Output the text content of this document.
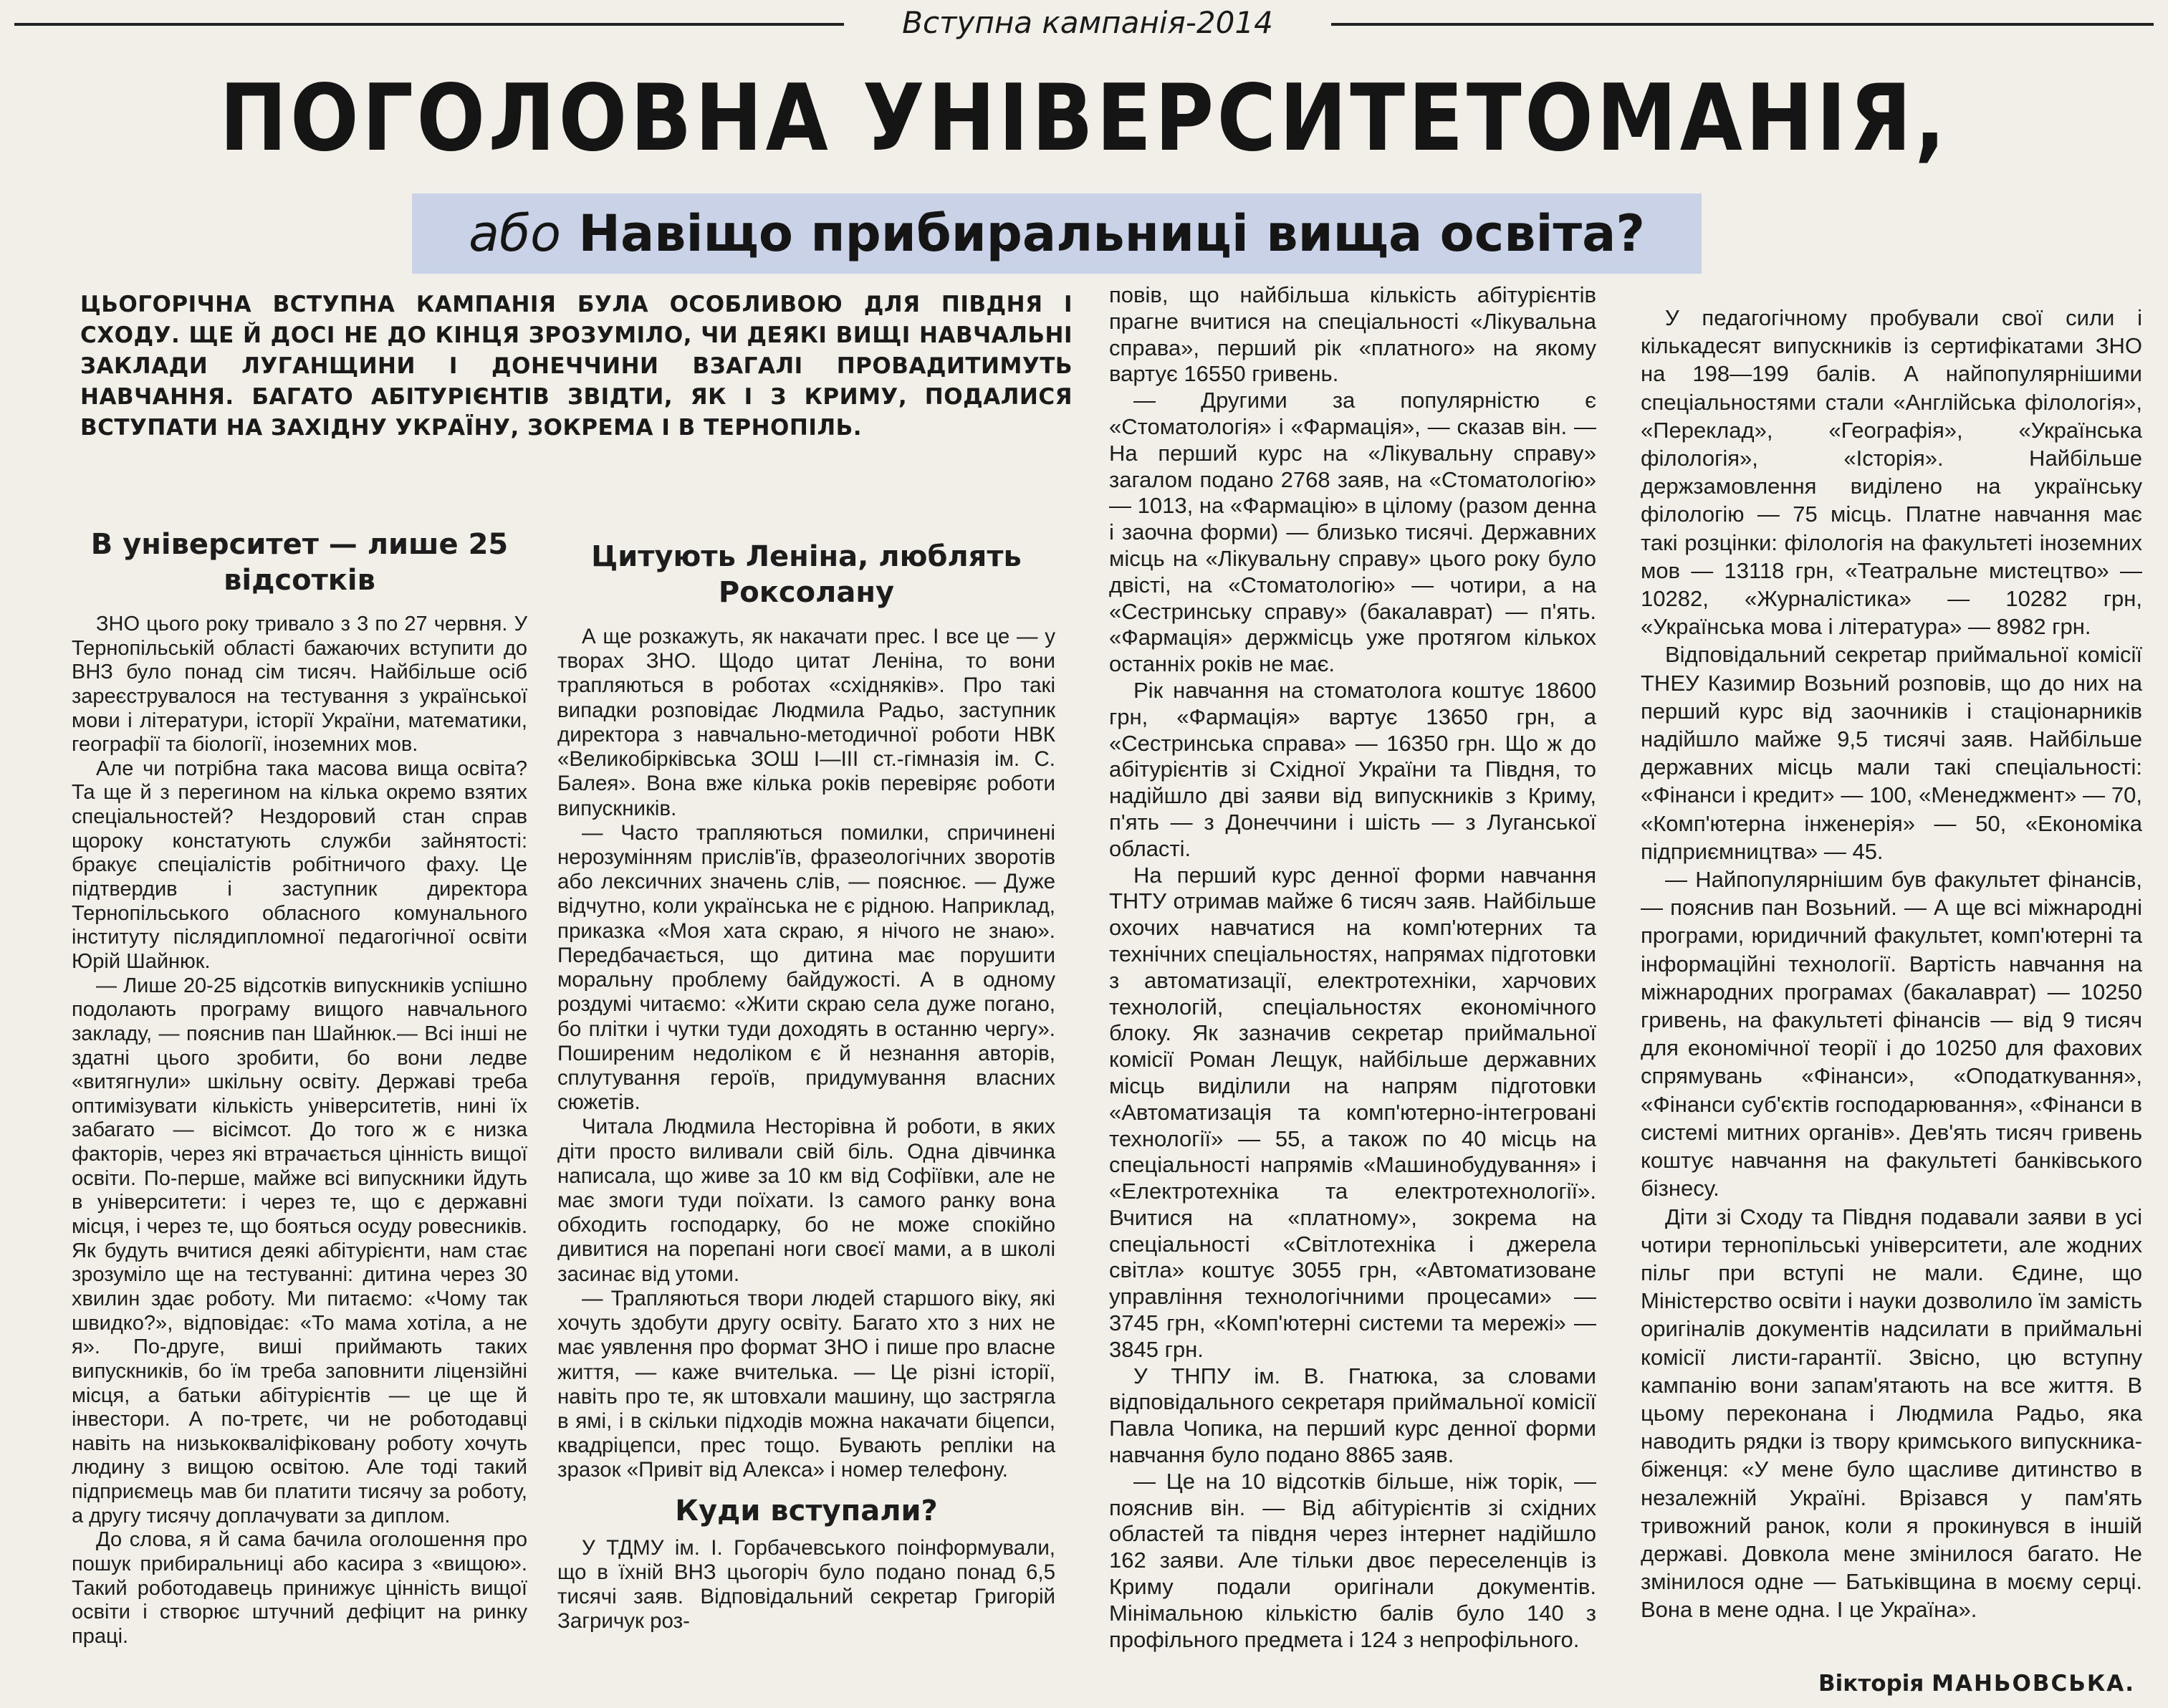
Вступна кампанія-2014
ПОГОЛОВНА УНІВЕРСИТЕТОМАНІЯ,
або Навіщо прибиральниці вища освіта?
ЦЬОГОРІЧНА ВСТУПНА КАМПАНІЯ БУЛА ОСОБЛИВОЮ ДЛЯ ПІВДНЯ І СХОДУ. ЩЕ Й ДОСІ НЕ ДО КІНЦЯ ЗРОЗУМІЛО, ЧИ ДЕЯКІ ВИЩІ НАВЧАЛЬНІ ЗАКЛАДИ ЛУГАНЩИНИ І ДОНЕЧЧИНИ ВЗАГАЛІ ПРОВАДИТИМУТЬ НАВЧАННЯ. БАГАТО АБІТУРІЄНТІВ ЗВІДТИ, ЯК І З КРИМУ, ПОДАЛИСЯ ВСТУПАТИ НА ЗАХІДНУ УКРАЇНУ, ЗОКРЕМА І В ТЕРНОПІЛЬ.
В університет — лише 25 відсотків

ЗНО цього року тривало з 3 по 27 червня. У Тернопільській області бажаючих вступити до ВНЗ було понад сім тисяч. Найбільше осіб зареєструвалося на тестування з української мови і літератури, історії України, математики, географії та біології, іноземних мов.

Але чи потрібна така масова вища освіта? Та ще й з перегином на кілька окремо взятих спеціальностей? Нездоровий стан справ щороку констатують служби зайнятості: бракує спеціалістів робітничого фаху. Це підтвердив і заступник директора Тернопільського обласного комунального інституту післядипломної педагогічної освіти Юрій Шайнюк.

— Лише 20-25 відсотків випускників успішно подолають програму вищого навчального закладу, — пояснив пан Шайнюк.— Всі інші не здатні цього зробити, бо вони ледве «витягнули» шкільну освіту. Державі треба оптимізувати кількість університетів, нині їх забагато — вісімсот. До того ж є низка факторів, через які втрачається цінність вищої освіти. По-перше, майже всі випускники йдуть в університети: і через те, що є державні місця, і через те, що бояться осуду ровесників. Як будуть вчитися деякі абітурієнти, нам стає зрозуміло ще на тестуванні: дитина через 30 хвилин здає роботу. Ми питаємо: «Чому так швидко?», відповідає: «То мама хотіла, а не я». По-друге, виші приймають таких випускників, бо їм треба заповнити ліцензійні місця, а батьки абітурієнтів — це ще й інвестори. А по-третє, чи не роботодавці навіть на низькокваліфіковану роботу хочуть людину з вищою освітою. Але тоді такий підприємець мав би платити тисячу за роботу, а другу тисячу доплачувати за диплом.

До слова, я й сама бачила оголошення про пошук прибиральниці або касира з «вищою». Такий роботодавець принижує цінність вищої освіти і створює штучний дефіцит на ринку праці.

Цитують Леніна, люблять Роксолану

А ще розкажуть, як накачати прес. І все це — у творах ЗНО. Щодо цитат Леніна, то вони трапляються в роботах «східняків». Про такі випадки розповідає Людмила Радьо, заступник директора з навчально-методичної роботи НВК «Великобірківська ЗОШ І—ІІІ ст.-гімназія ім. С. Балея». Вона вже кілька років перевіряє роботи випускників.

— Часто трапляються помилки, спричинені нерозумінням прислів'їв, фразеологічних зворотів або лексичних значень слів, — пояснює. — Дуже відчутно, коли українська не є рідною. Наприклад, приказка «Моя хата скраю, я нічого не знаю». Передбачається, що дитина має порушити моральну проблему байдужості. А в одному роздумі читаємо: «Жити скраю села дуже погано, бо плітки і чутки туди доходять в останню чергу». Поширеним недоліком є й незнання авторів, сплутування героїв, придумування власних сюжетів.

Читала Людмила Несторівна й роботи, в яких діти просто виливали свій біль. Одна дівчинка написала, що живе за 10 км від Софіївки, але не має змоги туди поїхати. Із самого ранку вона обходить господарку, бо не може спокійно дивитися на порепані ноги своєї мами, а в школі засинає від утоми.

— Трапляються твори людей старшого віку, які хочуть здобути другу освіту. Багато хто з них не має уявлення про формат ЗНО і пише про власне життя, — каже вчителька. — Це різні історії, навіть про те, як штовхали машину, що застрягла в ямі, і в скільки підходів можна накачати біцепси, квадріцепси, прес тощо. Бувають репліки на зразок «Привіт від Алекса» і номер телефону.

Куди вступали?

У ТДМУ ім. І. Горбачевського поінформували, що в їхній ВНЗ цьогоріч було подано понад 6,5 тисячі заяв. Відповідальний секретар Григорій Загричук роз-

повів, що найбільша кількість абітурієнтів прагне вчитися на спеціальності «Лікувальна справа», перший рік «платного» на якому вартує 16550 гривень.

— Другими за популярністю є «Стоматологія» і «Фармація», — сказав він. — На перший курс на «Лікувальну справу» загалом подано 2768 заяв, на «Стоматологію» — 1013, на «Фармацію» в цілому (разом денна і заочна форми) — близько тисячі. Державних місць на «Лікувальну справу» цього року було двісті, на «Стоматологію» — чотири, а на «Сестринську справу» (бакалаврат) — п'ять. «Фармація» держмісць уже протягом кількох останніх років не має.

Рік навчання на стоматолога коштує 18600 грн, «Фармація» вартує 13650 грн, а «Сестринська справа» — 16350 грн. Що ж до абітурієнтів зі Східної України та Півдня, то надійшло дві заяви від випускників з Криму, п'ять — з Донеччини і шість — з Луганської області.

На перший курс денної форми навчання ТНТУ отримав майже 6 тисяч заяв. Найбільше охочих навчатися на комп'ютерних та технічних спеціальностях, напрямах підготовки з автоматизації, електротехніки, харчових технологій, спеціальностях економічного блоку. Як зазначив секретар приймальної комісії Роман Лещук, найбільше державних місць виділили на напрям підготовки «Автоматизація та комп'ютерно-інтегровані технології» — 55, а також по 40 місць на спеціальності напрямів «Машинобудування» і «Електротехніка та електротехнології». Вчитися на «платному», зокрема на спеціальності «Світлотехніка і джерела світла» коштує 3055 грн, «Автоматизоване управління технологічними процесами» — 3745 грн, «Комп'ютерні системи та мережі» — 3845 грн.

У ТНПУ ім. В. Гнатюка, за словами відповідального секретаря приймальної комісії Павла Чопика, на перший курс денної форми навчання було подано 8865 заяв.

— Це на 10 відсотків більше, ніж торік, — пояснив він. — Від абітурієнтів зі східних областей та півдня через інтернет надійшло 162 заяви. Але тільки двоє переселенців із Криму подали оригінали документів. Мінімальною кількістю балів було 140 з профільного предмета і 124 з непрофільного.

У педагогічному пробували свої сили і кількадесят випускників із сертифікатами ЗНО на 198—199 балів. А найпопулярнішими спеціальностями стали «Англійська філологія», «Переклад», «Географія», «Українська філологія», «Історія». Найбільше держзамовлення виділено на українську філологію — 75 місць. Платне навчання має такі розцінки: філологія на факультеті іноземних мов — 13118 грн, «Театральне мистецтво» — 10282, «Журналістика» — 10282 грн, «Українська мова і література» — 8982 грн.

Відповідальний секретар приймальної комісії ТНЕУ Казимир Возьний розповів, що до них на перший курс від заочників і стаціонарників надійшло майже 9,5 тисячі заяв. Найбільше державних місць мали такі спеціальності: «Фінанси і кредит» — 100, «Менеджмент» — 70, «Комп'ютерна інженерія» — 50, «Економіка підприємництва» — 45.

— Найпопулярнішим був факультет фінансів, — пояснив пан Возьний. — А ще всі міжнародні програми, юридичний факультет, комп'ютерні та інформаційні технології. Вартість навчання на міжнародних програмах (бакалаврат) — 10250 гривень, на факультеті фінансів — від 9 тисяч для економічної теорії і до 10250 для фахових спрямувань «Фінанси», «Оподаткування», «Фінанси суб'єктів господарювання», «Фінанси в системі митних органів». Дев'ять тисяч гривень коштує навчання на факультеті банківського бізнесу.

Діти зі Сходу та Півдня подавали заяви в усі чотири тернопільські університети, але жодних пільг при вступі не мали. Єдине, що Міністерство освіти і науки дозволило їм замість оригіналів документів надсилати в приймальні комісії листи-гарантії. Звісно, цю вступну кампанію вони запам'ятають на все життя. В цьому переконана і Людмила Радьо, яка наводить рядки із твору кримського випускника-біженця: «У мене було щасливе дитинство в незалежній Україні. Врізався у пам'ять тривожний ранок, коли я прокинувся в іншій державі. Довкола мене змінилося багато. Не змінилося одне — Батьківщина в моєму серці. Вона в мене одна. І це Україна».

Вікторія МАНЬОВСЬКА.
